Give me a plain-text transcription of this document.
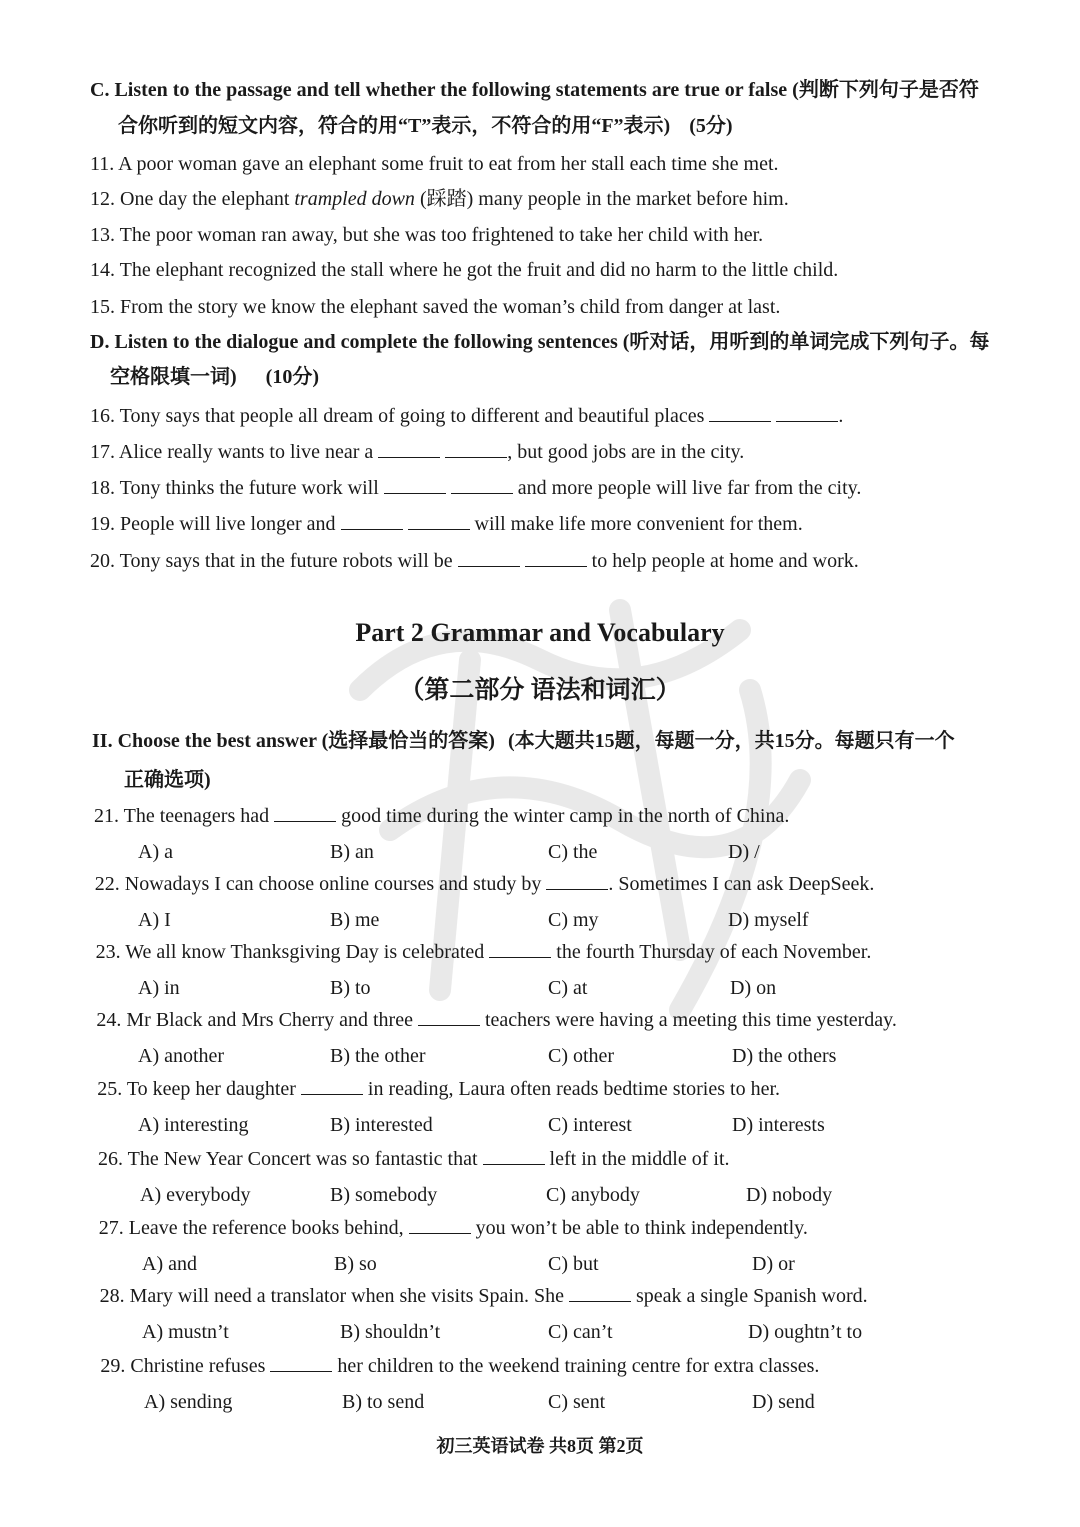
C. Listen to the passage and tell whether the following statements are true or false (判断下列句子是否符
合你听到的短文内容，符合的用“T”表示，不符合的用“F”表示) (5分)
11. A poor woman gave an elephant some fruit to eat from her stall each time she met.
12. One day the elephant trampled down (踩踏) many people in the market before him.
13. The poor woman ran away, but she was too frightened to take her child with her.
14. The elephant recognized the stall where he got the fruit and did no harm to the little child.
15. From the story we know the elephant saved the woman’s child from danger at last.
D. Listen to the dialogue and complete the following sentences (听对话，用听到的单词完成下列句子。每
空格限填一词) (10分)
16. Tony says that people all dream of going to different and beautiful places	.
17. Alice really wants to live near a	, but good jobs are in the city.
18. Tony thinks the future work will	and more people will live far from the city.
19. People will live longer and	will make life more convenient for them.
20. Tony says that in the future robots will be	to help people at home and work.
Part 2 Grammar and Vocabulary
（第二部分 语法和词汇）
II. Choose the best answer (选择最恰当的答案) (本大题共15题，每题一分，共15分。每题只有一个
正确选项)
21. The teenagers had	good time during the winter camp in the north of China.
A) a	B) an	C) the	D) /
22. Nowadays I can choose online courses and study by	. Sometimes I can ask DeepSeek.
A) I	B) me	C) my	D) myself
23. We all know Thanksgiving Day is celebrated	the fourth Thursday of each November.
A) in	B) to	C) at	D) on
24. Mr Black and Mrs Cherry and three	teachers were having a meeting this time yesterday.
A) another	B) the other	C) other	D) the others
25. To keep her daughter	in reading, Laura often reads bedtime stories to her.
A) interesting	B) interested	C) interest	D) interests
26. The New Year Concert was so fantastic that	left in the middle of it.
A) everybody	B) somebody	C) anybody	D) nobody
27. Leave the reference books behind,	you won’t be able to think independently.
A) and	B) so	C) but	D) or
28. Mary will need a translator when she visits Spain. She	speak a single Spanish word.
A) mustn’t	B) shouldn’t	C) can’t	D) oughtn’t to
29. Christine refuses	her children to the weekend training centre for extra classes.
A) sending	B) to send	C) sent	D) send
初三英语试卷 共8页 第2页
